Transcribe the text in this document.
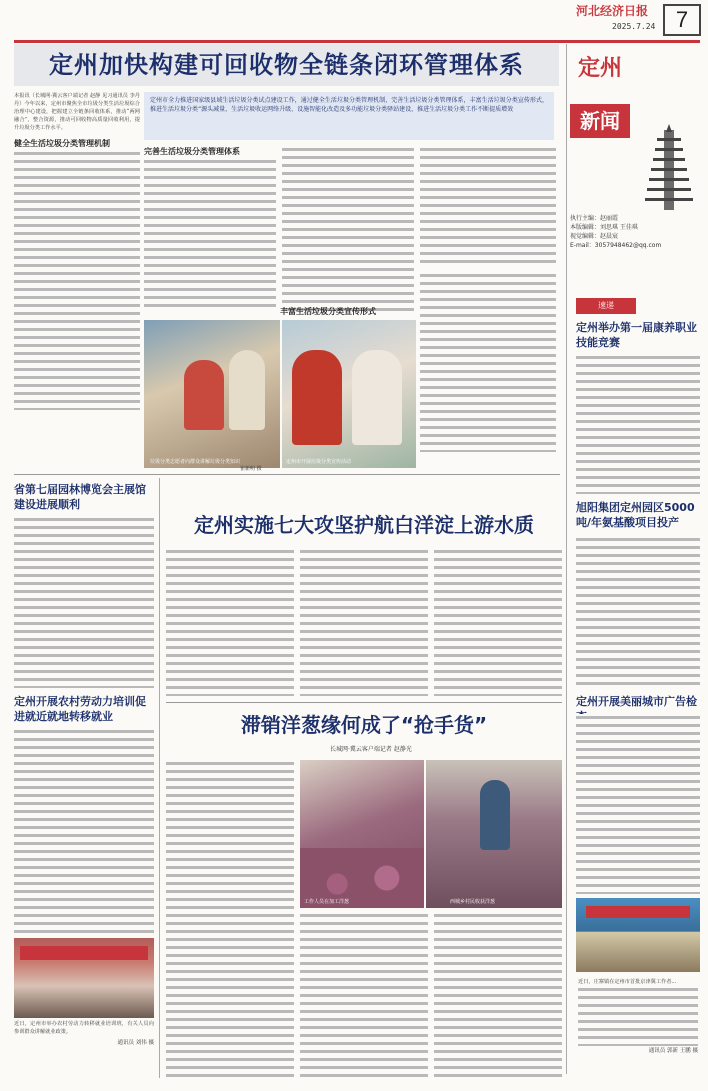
河北经济日报
2025.7.24 7
定州加快构建可回收物全链条闭环管理体系

本报讯（长城网·冀云客户端记者 赵静 见习通讯员 李丹丹）今年以来，定州市聚焦全市垃圾分类生活垃圾综合治理中心建设，把握建立全链条回收体系，推动“两网融合”，整合资源，推动可回收物高质量回收利用，提升垃圾分类工作水平。

健全生活垃圾分类管理机制

定州市全力推进国家级县域生活垃圾分类试点建设工作，通过健全生活垃圾分类管理机制，完善生活垃圾分类管理体系，丰富生活垃圾分类宣传形式，推进生活垃圾分类“源头减量，生活垃圾收运网络升级、设施智能化改造及多功能垃圾分类驿站建设，推进生活垃圾分类工作不断提质增效

完善生活垃圾分类管理体系
丰富生活垃圾分类宣传形式
垃圾分类志愿者向群众讲解垃圾分类知识	定州市开展垃圾分类宣传活动
崔新明 摄
定州
新闻
执行主编：赵丽霞
本版编辑：刘思琪 王佳琪
视觉编辑：赵晨宸
E-mail：3057948462@qq.com
速递
定州举办第一届康养职业技能竞赛
旭阳集团定州园区5000吨/年氨基酸项目投产
定州开展美丽城市广告检

近日，庄寨镇在定州市首批京津冀工作者...

通讯员 郭新 王鹏 摄
省第七届园林博览会主展馆建设进展顺利
定州开展农村劳动力培训促进就近就地转移就业

近日，定州市举办农村劳动力转移就业培训班，有关人员向参训群众讲解就业政策。

通讯员 刘伟 摄
定州实施七大攻坚护航白洋淀上游水质
滞销洋葱缘何成了“抢手货”
长城网·冀云客户端记者 赵静光
工作人员在加工洋葱	西城乡村民收获洋葱
